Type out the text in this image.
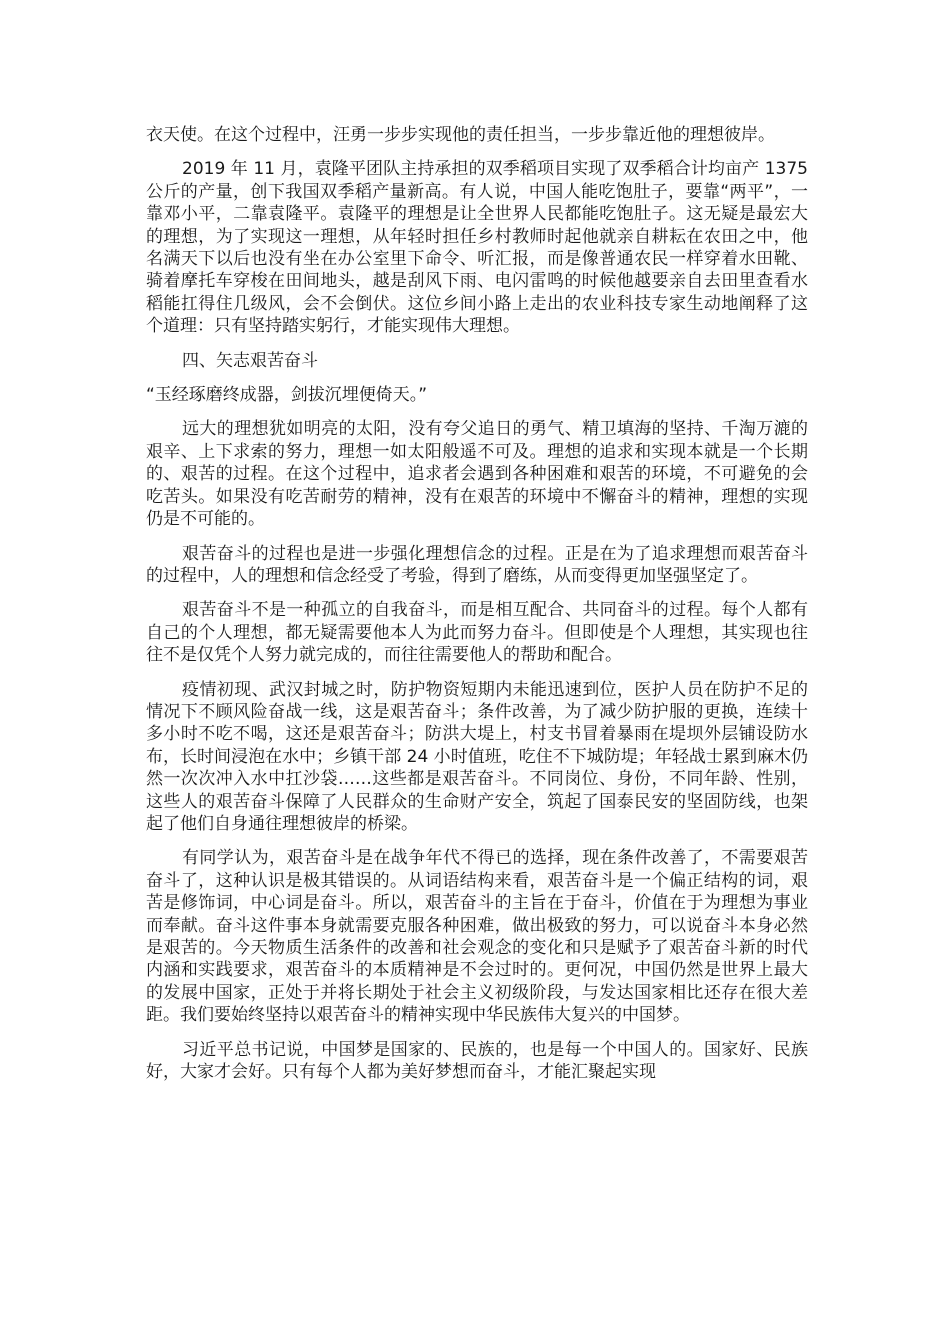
衣天使。在这个过程中，汪勇一步步实现他的责任担当，一步步靠近他的理想彼岸。

2019 年 11 月，袁隆平团队主持承担的双季稻项目实现了双季稻合计均亩产 1375 公斤的产量，创下我国双季稻产量新高。有人说，中国人能吃饱肚子，要靠“两平”，一靠邓小平，二靠袁隆平。袁隆平的理想是让全世界人民都能吃饱肚子。这无疑是最宏大的理想，为了实现这一理想，从年轻时担任乡村教师时起他就亲自耕耘在农田之中，他名满天下以后也没有坐在办公室里下命令、听汇报，而是像普通农民一样穿着水田靴、骑着摩托车穿梭在田间地头，越是刮风下雨、电闪雷鸣的时候他越要亲自去田里查看水稻能扛得住几级风，会不会倒伏。这位乡间小路上走出的农业科技专家生动地阐释了这个道理：只有坚持踏实躬行，才能实现伟大理想。

四、矢志艰苦奋斗

“玉经琢磨终成器，剑拔沉埋便倚天。”

远大的理想犹如明亮的太阳，没有夸父追日的勇气、精卫填海的坚持、千淘万漉的艰辛、上下求索的努力，理想一如太阳般遥不可及。理想的追求和实现本就是一个长期的、艰苦的过程。在这个过程中，追求者会遇到各种困难和艰苦的环境，不可避免的会吃苦头。如果没有吃苦耐劳的精神，没有在艰苦的环境中不懈奋斗的精神，理想的实现仍是不可能的。

艰苦奋斗的过程也是进一步强化理想信念的过程。正是在为了追求理想而艰苦奋斗的过程中，人的理想和信念经受了考验，得到了磨练，从而变得更加坚强坚定了。

艰苦奋斗不是一种孤立的自我奋斗，而是相互配合、共同奋斗的过程。每个人都有自己的个人理想，都无疑需要他本人为此而努力奋斗。但即使是个人理想，其实现也往往不是仅凭个人努力就完成的，而往往需要他人的帮助和配合。

疫情初现、武汉封城之时，防护物资短期内未能迅速到位，医护人员在防护不足的情况下不顾风险奋战一线，这是艰苦奋斗；条件改善，为了减少防护服的更换，连续十多小时不吃不喝，这还是艰苦奋斗；防洪大堤上，村支书冒着暴雨在堤坝外层铺设防水布，长时间浸泡在水中；乡镇干部 24 小时值班，吃住不下城防堤；年轻战士累到麻木仍然一次次冲入水中扛沙袋……这些都是艰苦奋斗。不同岗位、身份，不同年龄、性别，这些人的艰苦奋斗保障了人民群众的生命财产安全，筑起了国泰民安的坚固防线，也架起了他们自身通往理想彼岸的桥梁。

有同学认为，艰苦奋斗是在战争年代不得已的选择，现在条件改善了，不需要艰苦奋斗了，这种认识是极其错误的。从词语结构来看，艰苦奋斗是一个偏正结构的词，艰苦是修饰词，中心词是奋斗。所以，艰苦奋斗的主旨在于奋斗，价值在于为理想为事业而奉献。奋斗这件事本身就需要克服各种困难，做出极致的努力，可以说奋斗本身必然是艰苦的。今天物质生活条件的改善和社会观念的变化和只是赋予了艰苦奋斗新的时代内涵和实践要求，艰苦奋斗的本质精神是不会过时的。更何况，中国仍然是世界上最大的发展中国家，正处于并将长期处于社会主义初级阶段，与发达国家相比还存在很大差距。我们要始终坚持以艰苦奋斗的精神实现中华民族伟大复兴的中国梦。

习近平总书记说，中国梦是国家的、民族的，也是每一个中国人的。国家好、民族好，大家才会好。只有每个人都为美好梦想而奋斗，才能汇聚起实现
